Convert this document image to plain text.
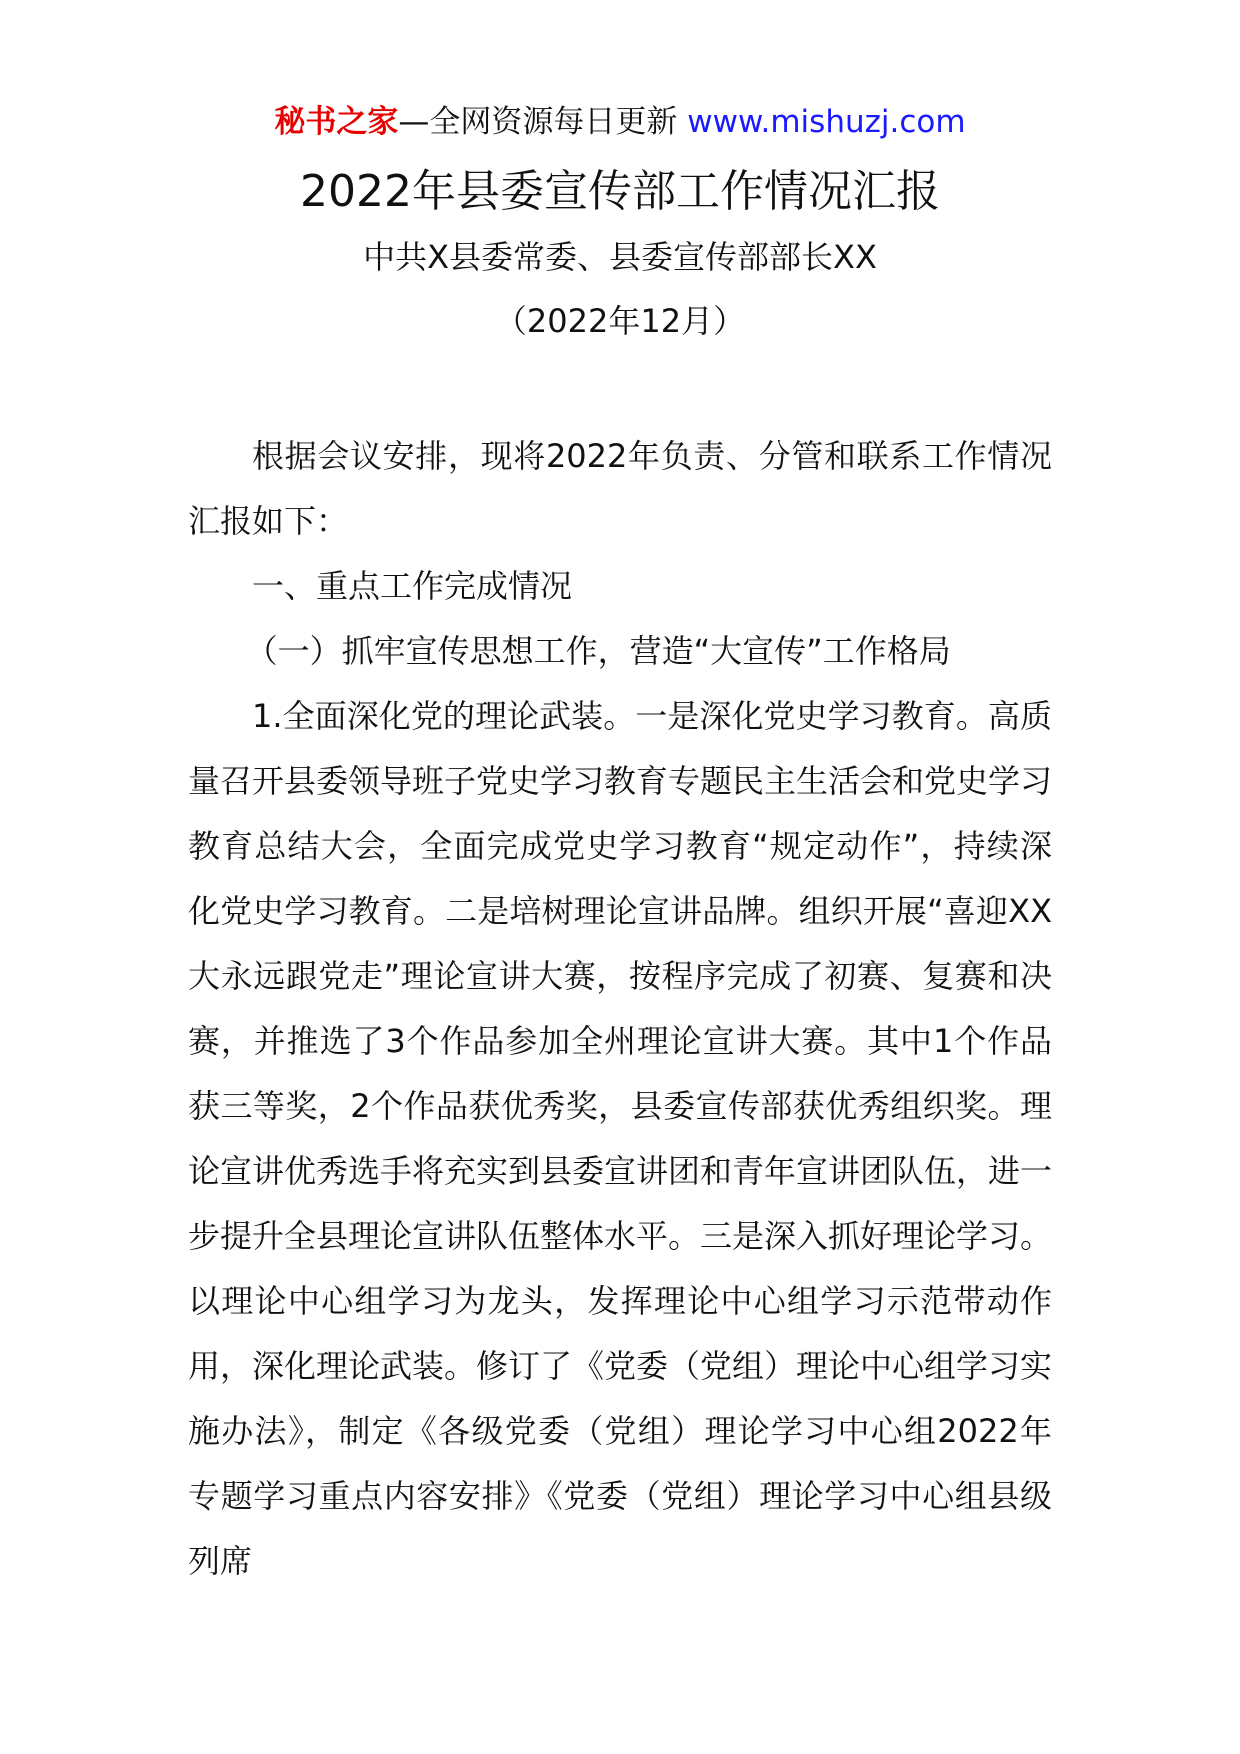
秘书之家—全网资源每日更新 www.mishuzj.com
2022年县委宣传部工作情况汇报
中共X县委常委、县委宣传部部长XX
（2022年12月）

根据会议安排，现将2022年负责、分管和联系工作情况汇报如下：

一、重点工作完成情况

（一）抓牢宣传思想工作，营造“大宣传”工作格局

1.全面深化党的理论武装。一是深化党史学习教育。高质量召开县委领导班子党史学习教育专题民主生活会和党史学习教育总结大会，全面完成党史学习教育“规定动作”，持续深化党史学习教育。二是培树理论宣讲品牌。组织开展“喜迎XX大永远跟党走”理论宣讲大赛，按程序完成了初赛、复赛和决赛，并推选了3个作品参加全州理论宣讲大赛。其中1个作品获三等奖，2个作品获优秀奖，县委宣传部获优秀组织奖。理论宣讲优秀选手将充实到县委宣讲团和青年宣讲团队伍，进一步提升全县理论宣讲队伍整体水平。三是深入抓好理论学习。以理论中心组学习为龙头，发挥理论中心组学习示范带动作用，深化理论武装。修订了《党委（党组）理论中心组学习实施办法》，制定《各级党委（党组）理论学习中心组2022年专题学习重点内容安排》《党委（党组）理论学习中心组县级列席
